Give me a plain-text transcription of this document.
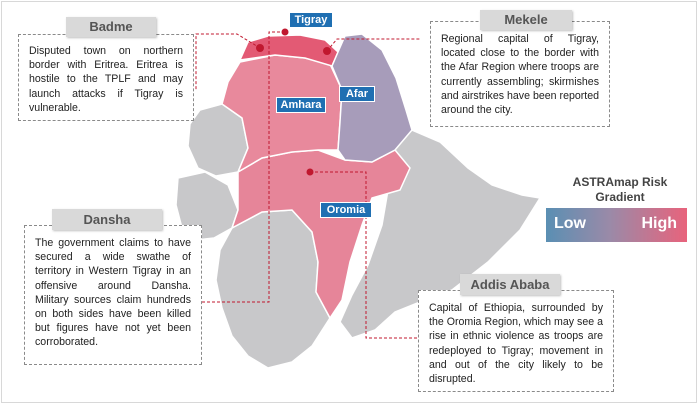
Tigray
Afar
Amhara
Oromia
Disputed town on northern border with Eritrea. Eritrea is hostile to the TPLF and may launch attacks if Tigray is vulnerable.
Badme
Regional capital of Tigray, located close to the border with the Afar Region where troops are currently assembling; skirmishes and airstrikes have been reported around the city.
Mekele
The government claims to have secured a wide swathe of territory in Western Tigray in an offensive around Dansha. Military sources claim hundreds on both sides have been killed but figures have not yet been corroborated.
Dansha
Capital of Ethiopia, surrounded by the Oromia Region, which may see a rise in ethnic violence as troops are redeployed to Tigray; movement in and out of the city likely to be disrupted.
Addis Ababa
ASTRAmap Risk Gradient
Low	High
